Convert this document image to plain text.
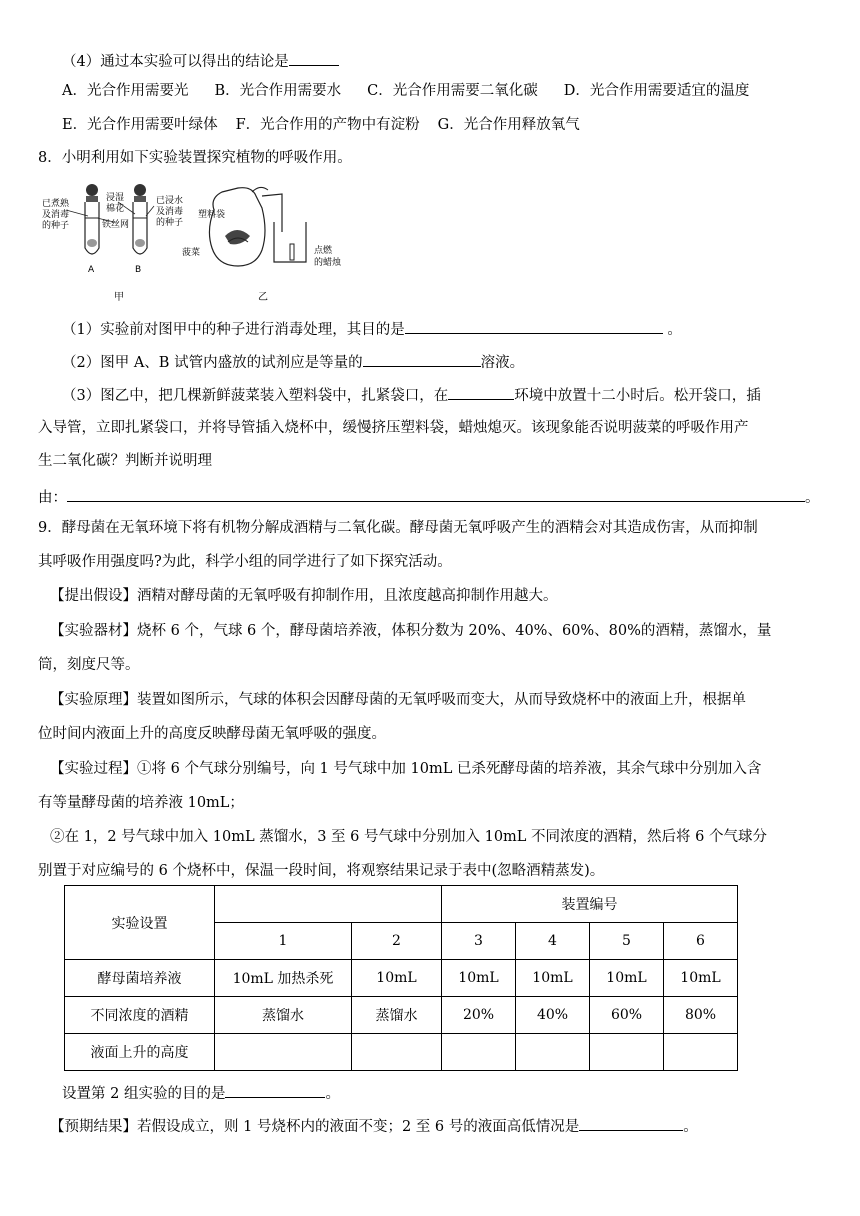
（4）通过本实验可以得出的结论是
A．光合作用需要光 B．光合作用需要水 C．光合作用需要二氧化碳 D．光合作用需要适宜的温度
E．光合作用需要叶绿体 F．光合作用的产物中有淀粉 G．光合作用释放氧气
8．小明利用如下实验装置探究植物的呼吸作用。
已煮熟
及消毒
的种子
浸湿
棉花
铁丝网
已浸水
及消毒
的种子
A	B
塑料袋
菠菜	点燃
的蜡烛
甲	乙
（1）实验前对图甲中的种子进行消毒处理，其目的是	。
（2）图甲 A、B 试管内盛放的试剂应是等量的	溶液。
（3）图乙中，把几棵新鲜菠菜装入塑料袋中，扎紧袋口，在	环境中放置十二小时后。松开袋口，插
入导管，立即扎紧袋口，并将导管插入烧杯中，缓慢挤压塑料袋，蜡烛熄灭。该现象能否说明菠菜的呼吸作用产
生二氧化碳？判断并说明理
由：	。
9．酵母菌在无氧环境下将有机物分解成酒精与二氧化碳。酵母菌无氧呼吸产生的酒精会对其造成伤害，从而抑制
其呼吸作用强度吗?为此，科学小组的同学进行了如下探究活动。
【提出假设】酒精对酵母菌的无氧呼吸有抑制作用，且浓度越高抑制作用越大。
【实验器材】烧杯 6 个，气球 6 个，酵母菌培养液，体积分数为 20%、40%、60%、80%的酒精，蒸馏水，量
筒，刻度尺等。
【实验原理】装置如图所示，气球的体积会因酵母菌的无氧呼吸而变大，从而导致烧杯中的液面上升，根据单
位时间内液面上升的高度反映酵母菌无氧呼吸的强度。
【实验过程】①将 6 个气球分别编号，向 1 号气球中加 10mL 已杀死酵母菌的培养液，其余气球中分别加入含
有等量酵母菌的培养液 10mL；
②在 1，2 号气球中加入 10mL 蒸馏水，3 至 6 号气球中分别加入 10mL 不同浓度的酒精，然后将 6 个气球分
别置于对应编号的 6 个烧杯中，保温一段时间，将观察结果记录于表中(忽略酒精蒸发)。
实验设置			装置编号			
	1	2	3	4	5	6
酵母菌培养液	10mL 加热杀死	10mL	10mL	10mL	10mL	10mL
不同浓度的酒精	蒸馏水	蒸馏水	20%	40%	60%	80%
液面上升的高度						
设置第 2 组实验的目的是	。
【预期结果】若假设成立，则 1 号烧杯内的液面不变；2 至 6 号的液面高低情况是	。
